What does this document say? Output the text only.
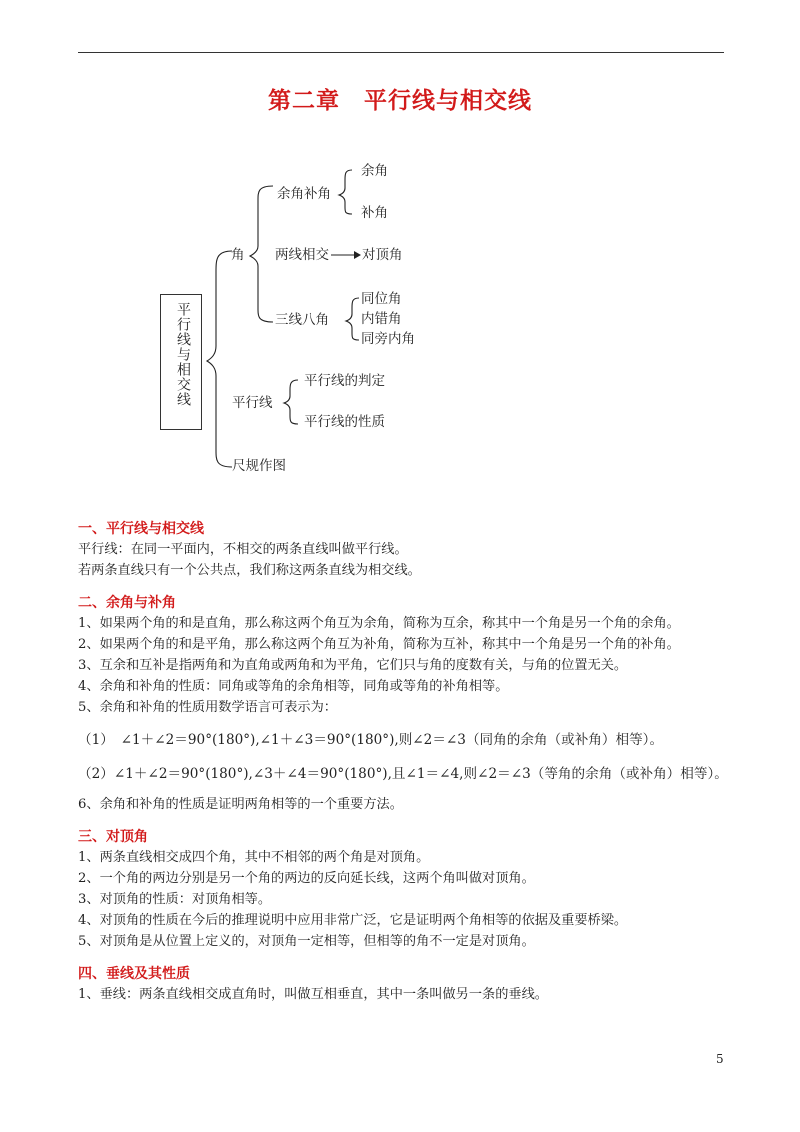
第二章　平行线与相交线
平行线与相交线
角
余角补角
余角
补角
两线相交 对顶角
三线八角
同位角
内错角
同旁内角
平行线
平行线的判定
平行线的性质
尺规作图
一、平行线与相交线
平行线：在同一平面内，不相交的两条直线叫做平行线。
若两条直线只有一个公共点，我们称这两条直线为相交线。
二、余角与补角
1、如果两个角的和是直角，那么称这两个角互为余角，简称为互余，称其中一个角是另一个角的余角。
2、如果两个角的和是平角，那么称这两个角互为补角，简称为互补，称其中一个角是另一个角的补角。
3、互余和互补是指两角和为直角或两角和为平角，它们只与角的度数有关，与角的位置无关。
4、余角和补角的性质：同角或等角的余角相等，同角或等角的补角相等。
5、余角和补角的性质用数学语言可表示为：
（1）　∠1＋∠2＝90°(180°),∠1＋∠3＝90°(180°),则∠2＝∠3（同角的余角（或补角）相等）。
（2）∠1＋∠2＝90°(180°),∠3＋∠4＝90°(180°),且∠1＝∠4,则∠2＝∠3（等角的余角（或补角）相等）。
6、余角和补角的性质是证明两角相等的一个重要方法。
三、对顶角
1、两条直线相交成四个角，其中不相邻的两个角是对顶角。
2、一个角的两边分别是另一个角的两边的反向延长线，这两个角叫做对顶角。
3、对顶角的性质：对顶角相等。
4、对顶角的性质在今后的推理说明中应用非常广泛，它是证明两个角相等的依据及重要桥梁。
5、对顶角是从位置上定义的，对顶角一定相等，但相等的角不一定是对顶角。
四、垂线及其性质
1、垂线：两条直线相交成直角时，叫做互相垂直，其中一条叫做另一条的垂线。
5
